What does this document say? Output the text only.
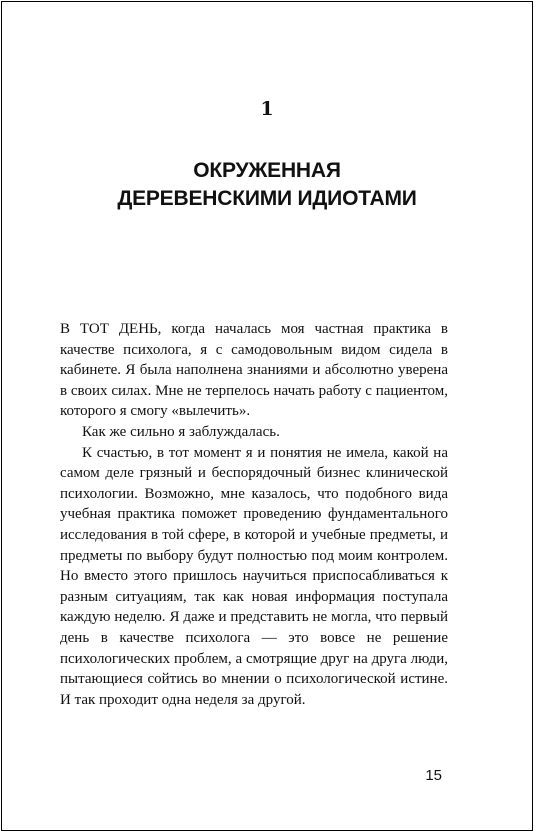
1
ОКРУЖЕННАЯ
ДЕРЕВЕНСКИМИ ИДИОТАМИ

В ТОТ ДЕНЬ, когда началась моя частная практика в качестве психолога, я с самодовольным видом сидела в кабинете. Я была наполнена знаниями и абсолютно уверена в своих силах. Мне не терпелось начать работу с пациентом, которого я смогу «вылечить».

Как же сильно я заблуждалась.

К счастью, в тот момент я и понятия не имела, какой на самом деле грязный и беспорядочный бизнес клинической психологии. Возможно, мне казалось, что подобного вида учебная практика поможет проведению фундаментального исследования в той сфере, в которой и учебные предметы, и предметы по выбору будут полностью под моим контролем. Но вместо этого пришлось научиться приспосабливаться к разным ситуациям, так как новая информация поступала каждую неделю. Я даже и представить не могла, что первый день в качестве психолога — это вовсе не решение психологических проблем, а смотрящие друг на друга люди, пытающиеся сойтись во мнении о психологической истине. И так проходит одна неделя за другой.

15
